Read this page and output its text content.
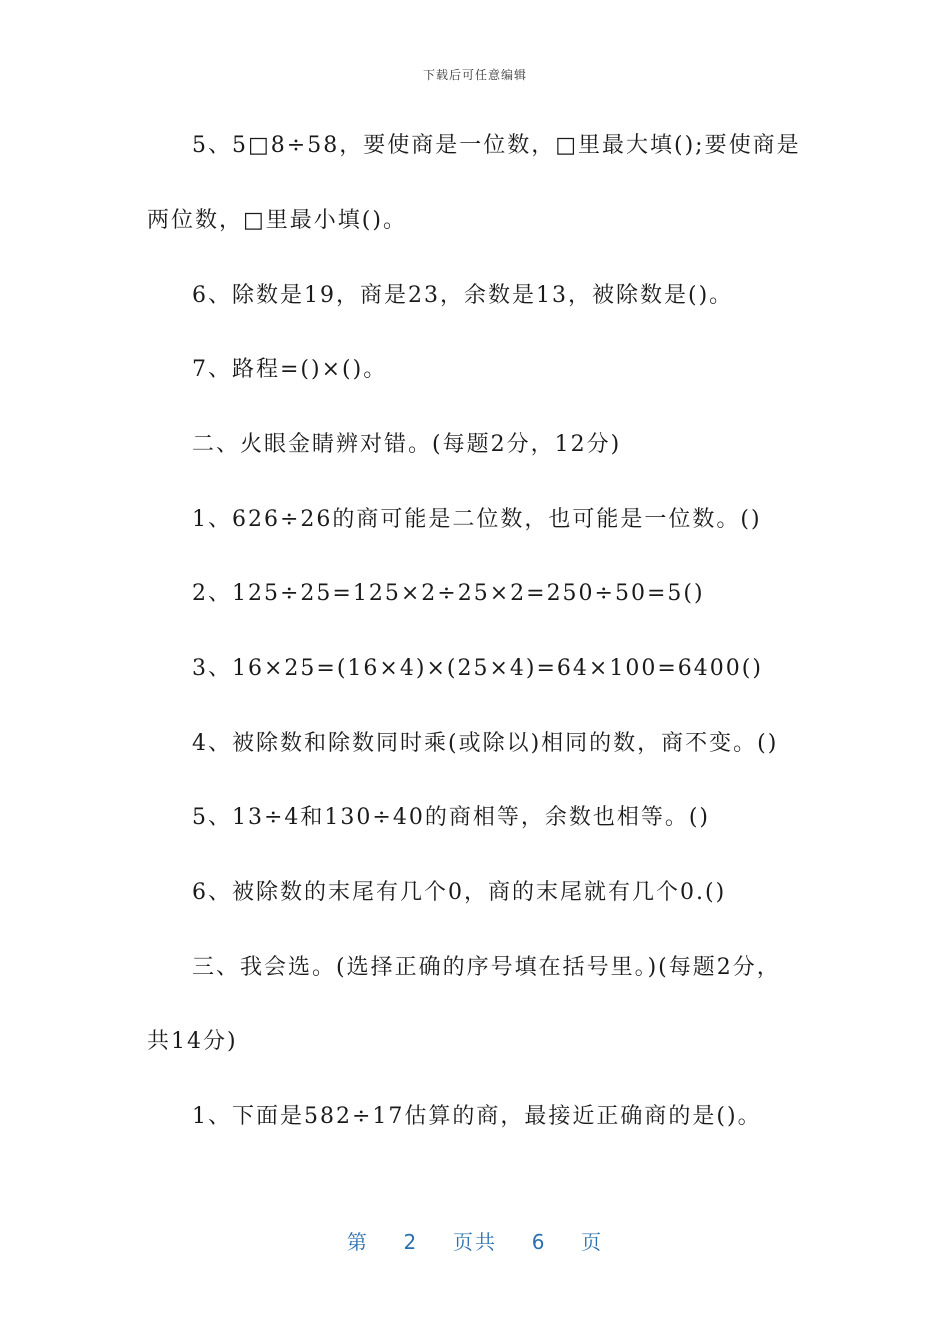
下载后可任意编辑
5、5□8÷58，要使商是一位数，□里最大填();要使商是
两位数，□里最小填()。
6、除数是19，商是23，余数是13，被除数是()。
7、路程=()×()。
二、火眼金睛辨对错。(每题2分，12分)
1、626÷26的商可能是二位数，也可能是一位数。()
2、125÷25=125×2÷25×2=250÷50=5()
3、16×25=(16×4)×(25×4)=64×100=6400()
4、被除数和除数同时乘(或除以)相同的数，商不变。()
5、13÷4和130÷40的商相等，余数也相等。()
6、被除数的末尾有几个0，商的末尾就有几个0.()
三、我会选。(选择正确的序号填在括号里。)(每题2分，
共14分)
1、下面是582÷17估算的商，最接近正确商的是()。
第 2 页共 6 页
